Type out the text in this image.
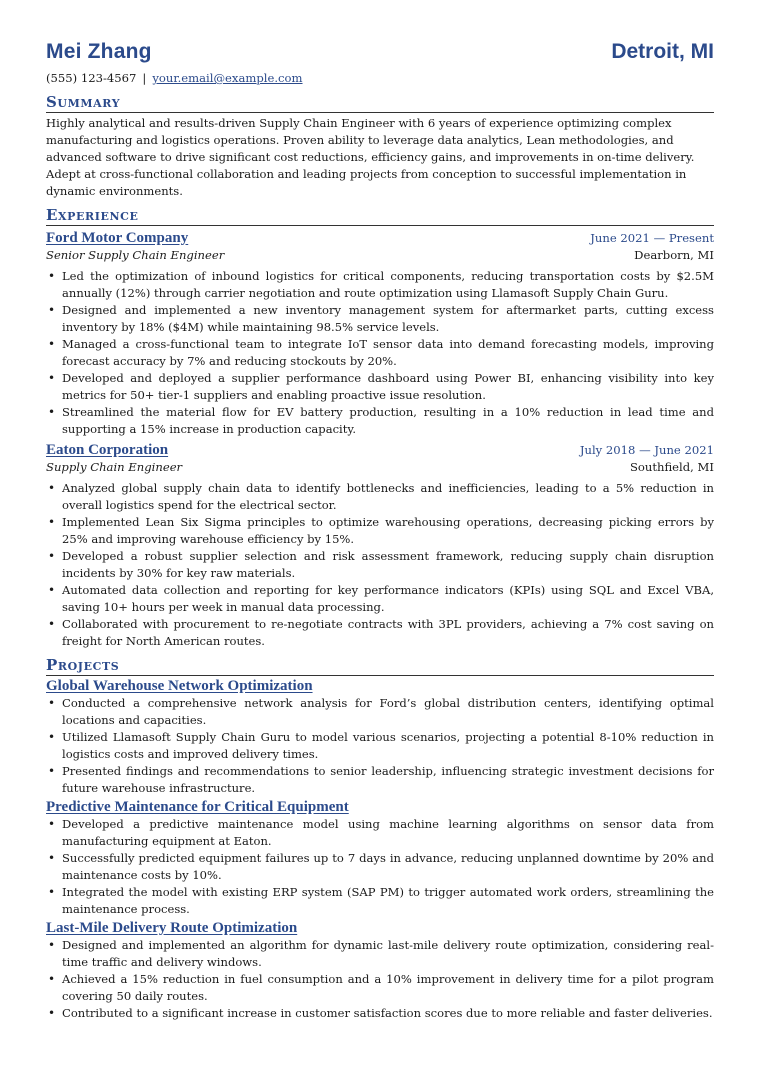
Mei Zhang	Detroit, MI
(555) 123-4567 | your.email@example.com
Summary
Highly analytical and results-driven Supply Chain Engineer with 6 years of experience optimizing complex manufacturing and logistics operations. Proven ability to leverage data analytics, Lean methodologies, and advanced software to drive significant cost reductions, efficiency gains, and improvements in on-time delivery. Adept at cross-functional collaboration and leading projects from conception to successful implementation in dynamic environments.
Experience
Ford Motor Company	June 2021 — Present
Senior Supply Chain Engineer	Dearborn, MI
• Led the optimization of inbound logistics for critical components, reducing transportation costs by $2.5M annually (12%) through carrier negotiation and route optimization using Llamasoft Supply Chain Guru.
• Designed and implemented a new inventory management system for aftermarket parts, cutting excess inventory by 18% ($4M) while maintaining 98.5% service levels.
• Managed a cross-functional team to integrate IoT sensor data into demand forecasting models, improving forecast accuracy by 7% and reducing stockouts by 20%.
• Developed and deployed a supplier performance dashboard using Power BI, enhancing visibility into key metrics for 50+ tier-1 suppliers and enabling proactive issue resolution.
• Streamlined the material flow for EV battery production, resulting in a 10% reduction in lead time and supporting a 15% increase in production capacity.
Eaton Corporation	July 2018 — June 2021
Supply Chain Engineer	Southfield, MI
• Analyzed global supply chain data to identify bottlenecks and inefficiencies, leading to a 5% reduction in overall logistics spend for the electrical sector.
• Implemented Lean Six Sigma principles to optimize warehousing operations, decreasing picking errors by 25% and improving warehouse efficiency by 15%.
• Developed a robust supplier selection and risk assessment framework, reducing supply chain disruption incidents by 30% for key raw materials.
• Automated data collection and reporting for key performance indicators (KPIs) using SQL and Excel VBA, saving 10+ hours per week in manual data processing.
• Collaborated with procurement to re-negotiate contracts with 3PL providers, achieving a 7% cost saving on freight for North American routes.
Projects
Global Warehouse Network Optimization
• Conducted a comprehensive network analysis for Ford’s global distribution centers, identifying optimal locations and capacities.
• Utilized Llamasoft Supply Chain Guru to model various scenarios, projecting a potential 8-10% reduction in logistics costs and improved delivery times.
• Presented findings and recommendations to senior leadership, influencing strategic investment decisions for future warehouse infrastructure.
Predictive Maintenance for Critical Equipment
• Developed a predictive maintenance model using machine learning algorithms on sensor data from manufacturing equipment at Eaton.
• Successfully predicted equipment failures up to 7 days in advance, reducing unplanned downtime by 20% and maintenance costs by 10%.
• Integrated the model with existing ERP system (SAP PM) to trigger automated work orders, streamlining the maintenance process.
Last-Mile Delivery Route Optimization
• Designed and implemented an algorithm for dynamic last-mile delivery route optimization, considering real-time traffic and delivery windows.
• Achieved a 15% reduction in fuel consumption and a 10% improvement in delivery time for a pilot program covering 50 daily routes.
• Contributed to a significant increase in customer satisfaction scores due to more reliable and faster deliveries.
